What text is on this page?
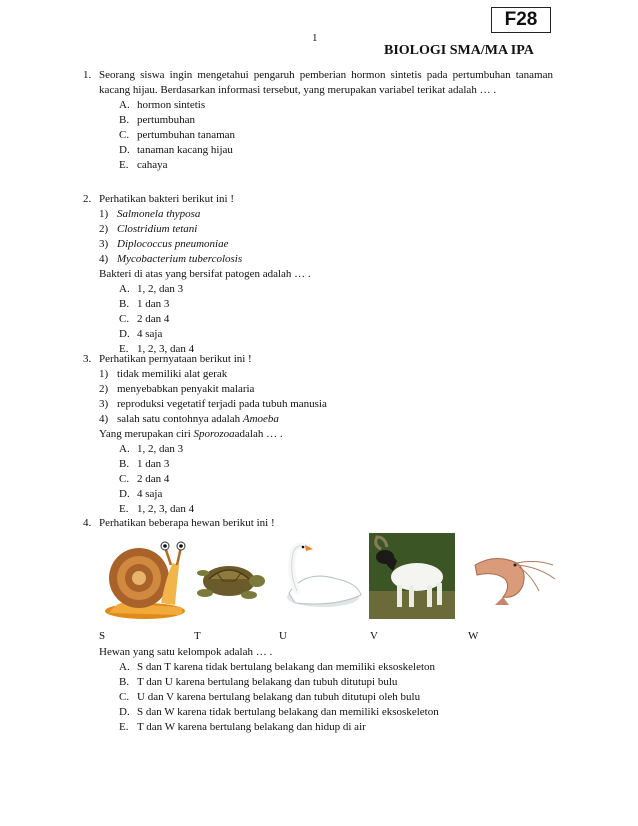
1
F28
BIOLOGI SMA/MA IPA
1. Seorang siswa ingin mengetahui pengaruh pemberian hormon sintetis pada pertumbuhan tanaman kacang hijau. Berdasarkan informasi tersebut, yang merupakan variabel terikat adalah … .
A. hormon sintetis
B. pertumbuhan
C. pertumbuhan tanaman
D. tanaman kacang hijau
E. cahaya
2. Perhatikan bakteri berikut ini !
1) Salmonela thyposa
2) Clostridium tetani
3) Diplococcus pneumoniae
4) Mycobacterium tubercolosis
Bakteri di atas yang bersifat patogen adalah … .
A. 1, 2, dan 3
B. 1 dan 3
C. 2 dan 4
D. 4 saja
E. 1, 2, 3, dan 4
3. Perhatikan pernyataan berikut ini !
1) tidak memiliki alat gerak
2) menyebabkan penyakit malaria
3) reproduksi vegetatif terjadi pada tubuh manusia
4) salah satu contohnya adalah Amoeba
Yang merupakan ciri Sporozoaadalah … .
A. 1, 2, dan 3
B. 1 dan 3
C. 2 dan 4
D. 4 saja
E. 1, 2, 3, dan 4
4. Perhatikan beberapa hewan berikut ini !
S	T	U	V	W
Hewan yang satu kelompok adalah … .
A. S dan T karena tidak bertulang belakang dan memiliki eksoskeleton
B. T dan U karena bertulang belakang dan tubuh ditutupi bulu
C. U dan V karena bertulang belakang dan tubuh ditutupi oleh bulu
D. S dan W karena tidak bertulang belakang dan memiliki eksoskeleton
E. T dan W karena bertulang belakang dan hidup di air
